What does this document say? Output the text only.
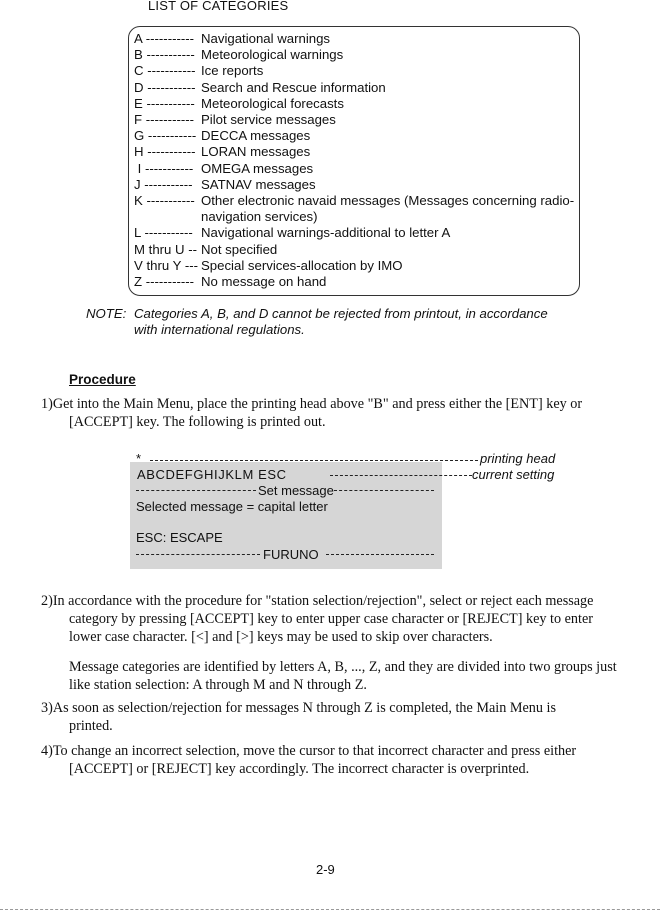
LIST OF CATEGORIES
A ----------- Navigational warnings
B ----------- Meteorological warnings
C ----------- Ice reports
D ----------- Search and Rescue information
E ----------- Meteorological forecasts
F ----------- Pilot service messages
G ----------- DECCA messages
H ----------- LORAN messages
I ----------- OMEGA messages
J ----------- SATNAV messages
K ----------- Other electronic navaid messages (Messages concerning radio-
navigation services)
L ----------- Navigational warnings-additional to letter A
M thru U -- Not specified
V thru Y --- Special services-allocation by IMO
Z ----------- No message on hand
NOTE: Categories A, B, and D cannot be rejected from printout, in accordance
with international regulations.
Procedure
1)Get into the Main Menu, place the printing head above "B" and press either the [ENT] key or
[ACCEPT] key. The following is printed out.
*	printing head
ABCDEFGHIJKLM ESC	current setting
Set message
Selected message = capital letter
ESC: ESCAPE
FURUNO
2)In accordance with the procedure for "station selection/rejection", select or reject each message
category by pressing [ACCEPT] key to enter upper case character or [REJECT] key to enter
lower case character. [<] and [>] keys may be used to skip over characters.
Message categories are identified by letters A, B, ..., Z, and they are divided into two groups just
like station selection: A through M and N through Z.
3)As soon as selection/rejection for messages N through Z is completed, the Main Menu is
printed.
4)To change an incorrect selection, move the cursor to that incorrect character and press either
[ACCEPT] or [REJECT] key accordingly. The incorrect character is overprinted.
2-9
